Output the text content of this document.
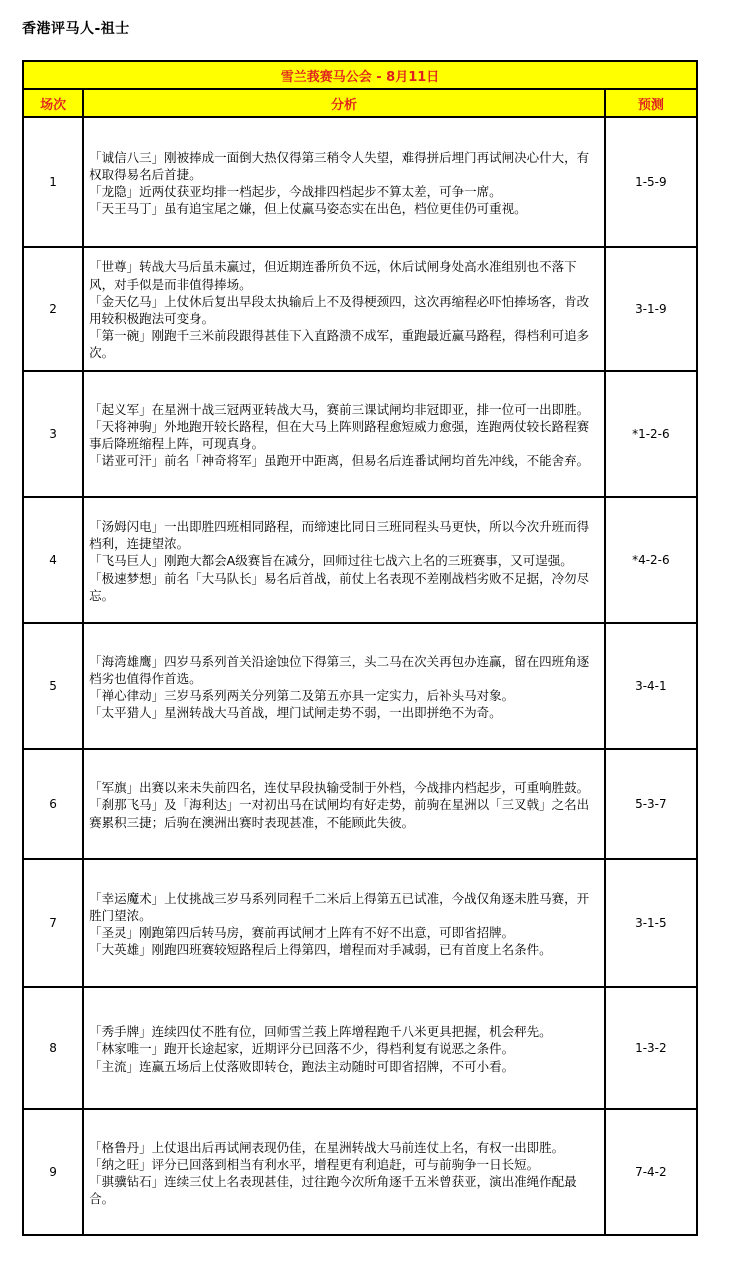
香港评马人-祖士
雪兰莪赛马公会 - 8月11日		
场次	分析	预测
1	「诚信八三」刚被捧成一面倒大热仅得第三稍令人失望，难得拼后埋门再试闸决心什大，有权取得易名后首捷。
「龙隐」近两仗获亚均排一档起步，今战排四档起步不算太差，可争一席。
「天王马丁」虽有追宝尾之嫌，但上仗赢马姿态实在出色，档位更佳仍可重视。	1-5-9
2	「世尊」转战大马后虽未赢过，但近期连番所负不远，休后试闸身处高水准组别也不落下风，对手似是而非值得捧场。
「金天亿马」上仗休后复出早段太执输后上不及得梗颈四，这次再缩程必吓怕捧场客，肯改用较积极跑法可变身。
「第一碗」刚跑千三米前段跟得甚佳下入直路溃不成军，重跑最近赢马路程，得档利可追多次。	3-1-9
3	「起义军」在星洲十战三冠两亚转战大马，赛前三课试闸均非冠即亚，排一位可一出即胜。
「天将神驹」外地跑开较长路程，但在大马上阵则路程愈短威力愈强，连跑两仗较长路程赛事后降班缩程上阵，可现真身。
「诺亚可汗」前名「神奇将军」虽跑开中距离，但易名后连番试闸均首先冲线，不能舍弃。	*1-2-6
4	「汤姆闪电」一出即胜四班相同路程，而缔速比同日三班同程头马更快，所以今次升班而得档利，连捷望浓。
「飞马巨人」刚跑大都会A级赛旨在减分，回师过往七战六上名的三班赛事，又可逞强。
「极速梦想」前名「大马队长」易名后首战，前仗上名表现不差刚战档劣败不足据，冷勿尽忘。	*4-2-6
5	「海湾雄鹰」四岁马系列首关沿途蚀位下得第三，头二马在次关再包办连赢，留在四班角逐档劣也值得作首选。
「禅心律动」三岁马系列两关分列第二及第五亦具一定实力，后补头马对象。
「太平猎人」星洲转战大马首战，埋门试闸走势不弱，一出即拼绝不为奇。	3-4-1
6	「军旗」出赛以来未失前四名，连仗早段执输受制于外档，今战排内档起步，可重响胜鼓。
「刹那飞马」及「海利达」一对初出马在试闸均有好走势，前驹在星洲以「三叉戟」之名出赛累积三捷；后驹在澳洲出赛时表现甚准，不能顾此失彼。	5-3-7
7	「幸运魔术」上仗挑战三岁马系列同程千二米后上得第五已试准，今战仅角逐未胜马赛，开胜门望浓。
「圣灵」刚跑第四后转马房，赛前再试闸才上阵有不好不出意，可即省招牌。
「大英雄」刚跑四班赛较短路程后上得第四，增程而对手减弱，已有首度上名条件。	3-1-5
8	「秀手牌」连续四仗不胜有位，回师雪兰莪上阵增程跑千八米更具把握，机会秤先。
「林家唯一」跑开长途起家，近期评分已回落不少，得档利复有说恶之条件。
「主流」连赢五场后上仗落败即转仓，跑法主动随时可即省招牌，不可小看。	1-3-2
9	「格鲁丹」上仗退出后再试闸表现仍佳，在星洲转战大马前连仗上名，有权一出即胜。
「纳之旺」评分已回落到相当有利水平，增程更有利追赶，可与前驹争一日长短。
「骐骥钻石」连续三仗上名表现甚佳，过往跑今次所角逐千五米曾获亚，演出准绳作配最合。	7-4-2
